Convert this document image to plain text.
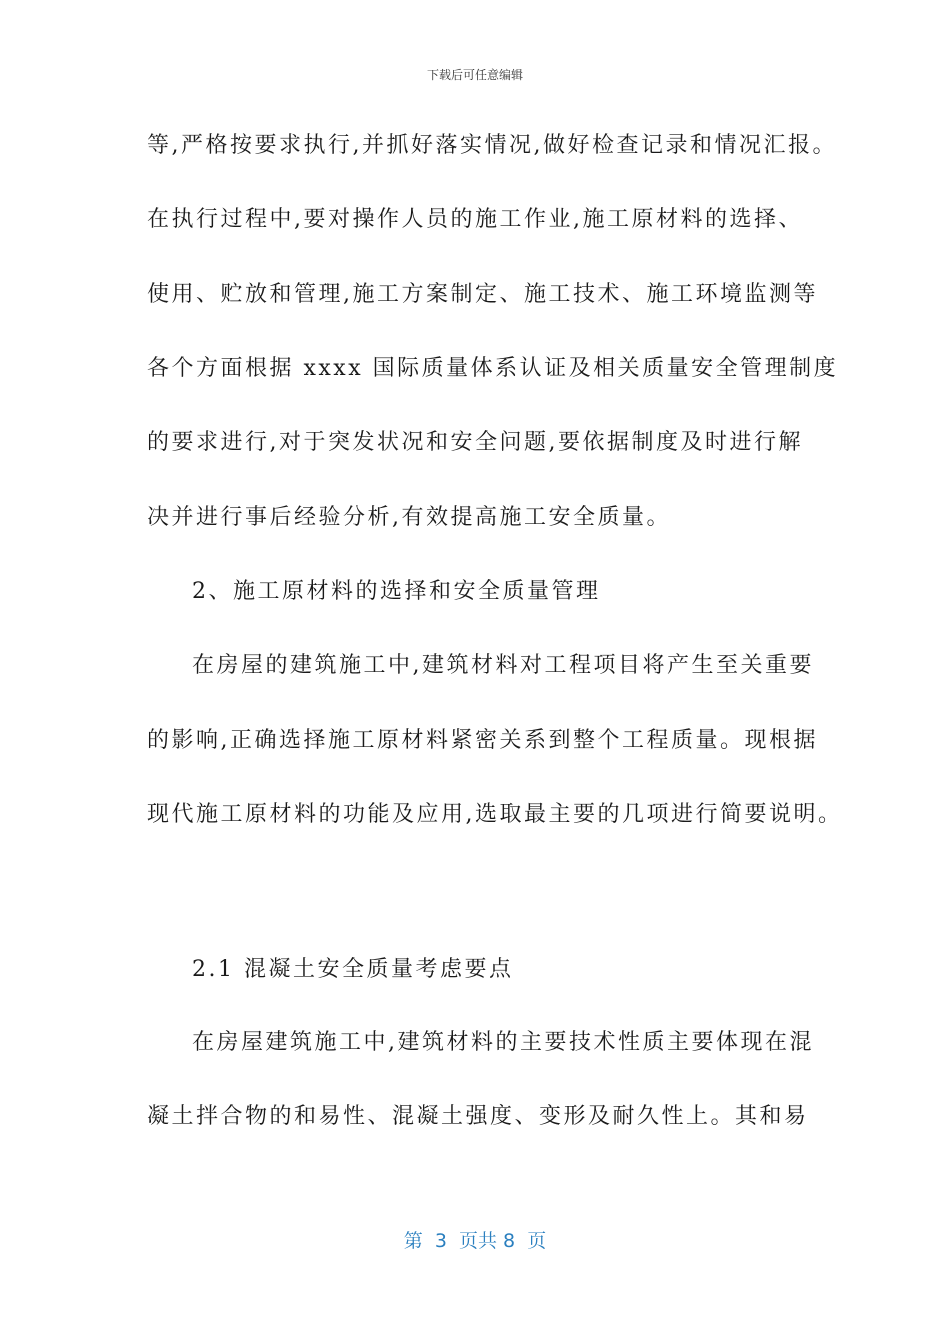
下载后可任意编辑
等,严格按要求执行,并抓好落实情况,做好检查记录和情况汇报。
在执行过程中,要对操作人员的施工作业,施工原材料的选择、
使用、贮放和管理,施工方案制定、施工技术、施工环境监测等
各个方面根据 xxxx 国际质量体系认证及相关质量安全管理制度
的要求进行,对于突发状况和安全问题,要依据制度及时进行解
决并进行事后经验分析,有效提高施工安全质量。
2、施工原材料的选择和安全质量管理
在房屋的建筑施工中,建筑材料对工程项目将产生至关重要
的影响,正确选择施工原材料紧密关系到整个工程质量。现根据
现代施工原材料的功能及应用,选取最主要的几项进行简要说明。
2.1 混凝土安全质量考虑要点
在房屋建筑施工中,建筑材料的主要技术性质主要体现在混
凝土拌合物的和易性、混凝土强度、变形及耐久性上。其和易
第  3  页共 8  页
